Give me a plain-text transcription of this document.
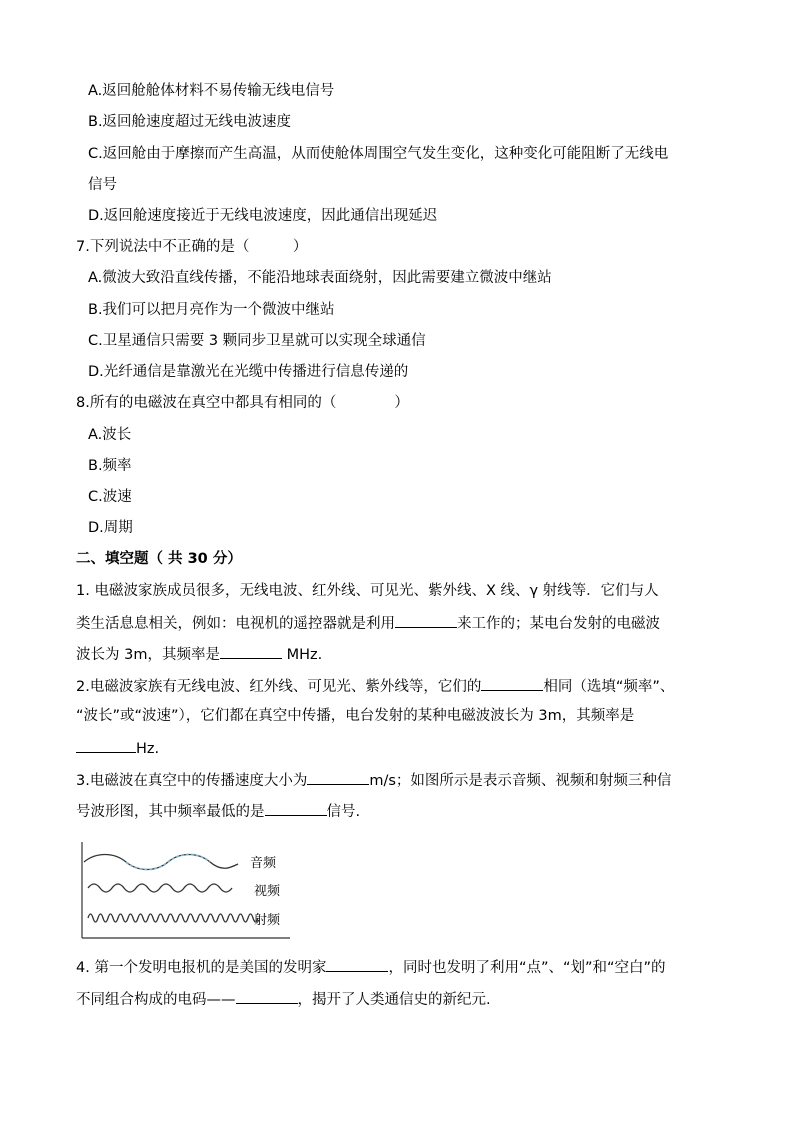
A.返回舱舱体材料不易传输无线电信号
B.返回舱速度超过无线电波速度
C.返回舱由于摩擦而产生高温，从而使舱体周围空气发生变化，这种变化可能阻断了无线电
信号
D.返回舱速度接近于无线电波速度，因此通信出现延迟
7.下列说法中不正确的是（　　　）
A.微波大致沿直线传播，不能沿地球表面绕射，因此需要建立微波中继站
B.我们可以把月亮作为一个微波中继站
C.卫星通信只需要 3 颗同步卫星就可以实现全球通信
D.光纤通信是靠激光在光缆中传播进行信息传递的
8.所有的电磁波在真空中都具有相同的（　　　　）
A.波长
B.频率
C.波速
D.周期
二、填空题（ 共 30 分）
1. 电磁波家族成员很多，无线电波、红外线、可见光、紫外线、X 线、γ 射线等．它们与人
类生活息息相关，例如：电视机的遥控器就是利用	来工作的；某电台发射的电磁波
波长为 3m，其频率是	MHz.
2.电磁波家族有无线电波、红外线、可见光、紫外线等，它们的	相同（选填“频率”、
“波长”或“波速”），它们都在真空中传播，电台发射的某种电磁波波长为 3m，其频率是
Hz.
3.电磁波在真空中的传播速度大小为	m/s；如图所示是表示音频、视频和射频三种信
号波形图，其中频率最低的是	信号.
音频
视频
射频
4. 第一个发明电报机的是美国的发明家	，同时也发明了利用“点”、“划”和“空白”的
不同组合构成的电码——	，揭开了人类通信史的新纪元.
